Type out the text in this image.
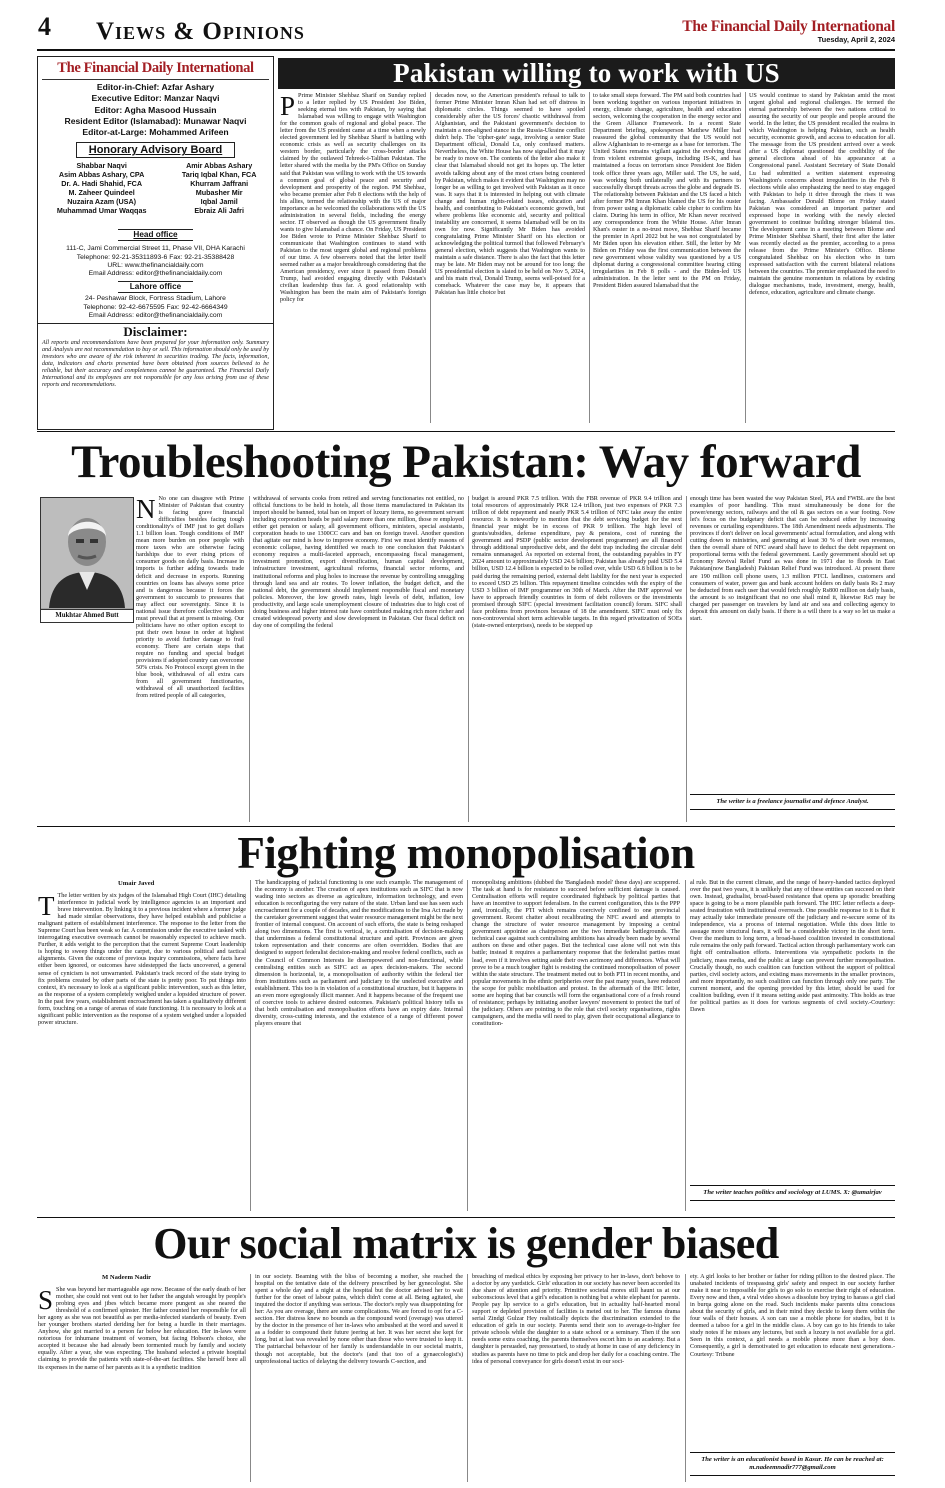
4 Views & Opinions	The Financial Daily International
Tuesday, April 2, 2024
The Financial Daily International
Editor-in-Chief: Azfar Ashary
Executive Editor: Manzar Naqvi
Editor: Agha Masood Hussain
Resident Editor (Islamabad): Munawar Naqvi
Editor-at-Large: Mohammed Arifeen
Honorary Advisory Board
Shabbar Naqvi	Amir Abbas Ashary
Asim Abbas Ashary, CPA	Tariq Iqbal Khan, FCA
Dr. A. Hadi Shahid, FCA	Khurram Jaffrani
M. Zaheer Quindeel	Mubasher Mir
Nuzaira Azam (USA)	Iqbal Jamil
Muhammad Umar Waqqas	Ebraiz Ali Jafri
Head office
111-C, Jami Commercial Street 11, Phase VII, DHA Karachi
Telephone: 92-21-35311893-6 Fax: 92-21-35388428
URL: www.thefinancialdaily.com
Email Address: editor@thefinancialdaily.com
Lahore office
24- Peshawar Block, Fortress Stadium, Lahore
Telephone: 92-42-6675595 Fax: 92-42-6664349
Email Address: editor@thefinancialdaily.com
Disclaimer:
All reports and recommendations have been prepared for your information only. Summary and Analysis are not recommendation to buy or sell. This information should only be used by investors who are aware of the risk inherent in securities trading. The facts, information, data, indicators and charts presented have been obtained from sources believed to be reliable, but their accuracy and completeness cannot be guaranteed. The Financial Daily International and its employees are not responsible for any loss arising from use of these reports and recommendations.
Pakistan willing to work with US
P Prime Minister Shehbaz Sharif on Sunday replied to a letter replied by US President Joe Biden, seeking eternal ties with Pakistan, by saying that Islamabad was willing to engage with Washington for the common goals of regional and global peace. The letter from the US president came at a time when a newly elected government led by Shehbaz Sharif is battling with economic crisis as well as security challenges on its western border, particularly the cross-border attacks claimed by the outlawed Tehreek-i-Taliban Pakistan. The letter shared with the media by the PM's Office on Sunday said that Pakistan was willing to work with the US towards a common goal of global peace and security and development and prosperity of the region. PM Shehbaz, who became premier after Feb 8 elections with the help of his allies, termed the relationship with the US of major importance as he welcomed the collaborations with the US administration in several fields, including the energy sector. IT observed as though the US government finally wants to give Islamabad a chance. On Friday, US President Joe Biden wrote to Prime Minister Shehbaz Sharif to communicate that Washington continues to stand with Pakistan to the most urgent global and regional problems of our time. A few observers noted that the letter itself seemed rather as a major breakthrough considering that the American presidency, ever since it passed from Donald Trump, had avoided engaging directly with Pakistan's civilian leadership thus far. A good relationship with Washington has been the main aim of Pakistan's foreign policy for
decades now, so the American president's refusal to talk to former Prime Minister Imran Khan had set off distress in diplomatic circles. Things seemed to have spoiled considerably after the US forces' chaotic withdrawal from Afghanistan, and the Pakistani government's decision to maintain a non-aligned stance in the Russia-Ukraine conflict didn't help. The 'cipher-gate' saga, involving a senior State Department official, Donald Lu, only confused matters. Nevertheless, the White House has now signalled that it may be ready to move on. The contents of the letter also make it clear that Islamabad should not get its hopes up. The letter avoids talking about any of the most crises being countered by Pakistan, which makes it evident that Washington may no longer be as willing to get involved with Pakistan as it once was. It says that it is interested in helping out with climate change and human rights-related issues, education and health, and contributing to Pakistan's economic growth, but where problems like economic aid, security and political instability are concerned, it seems Islamabad will be on its own for now. Significantly Mr Biden has avoided congratulating Prime Minister Sharif on his election or acknowledging the political turmoil that followed February's general election, which suggests that Washington wants to maintain a safe distance. There is also the fact that this letter may be late. Mr Biden may not be around for too long: the US presidential election is slated to be held on Nov 5, 2024, and his main rival, Donald Trump, seems well-poised for a comeback. Whatever the case may be, it appears that Pakistan has little choice but
to take small steps forward. The PM said both countries had been working together on various important initiatives in energy, climate change, agriculture, health and education sectors, welcoming the cooperation in the energy sector and the Green Alliance Framework. In a recent State Department briefing, spokesperson Matthew Miller had reassured the global community that the US would not allow Afghanistan to re-emerge as a base for terrorism. The United States remains vigilant against the evolving threat from violent extremist groups, including IS-K, and has maintained a focus on terrorism since President Joe Biden took office three years ago, Miller said. The US, he said, was working both unilaterally and with its partners to successfully disrupt threats across the globe and degrade IS. The relationship between Pakistan and the US faced a hitch after former PM Imran Khan blamed the US for his ouster from power using a diplomatic cable cipher to confirm his claim. During his term in office, Mr Khan never received any correspondence from the White House. After Imran Khan's ouster in a no-trust move, Shehbaz Sharif became the premier in April 2022 but he was not congratulated by Mr Biden upon his elevation either. Still, the letter by Mr Biden on Friday was the first communication between the new government whose validity was questioned by a US diplomat during a congressional committee hearing citing irregularities in Feb 8 polls - and the Biden-led US administration. In the letter sent to the PM on Friday, President Biden assured Islamabad that the
US would continue to stand by Pakistan amid the most urgent global and regional challenges. He termed the eternal partnership between the two nations critical to assuring the security of our people and people around the world. In the letter, the US president recalled the realms in which Washington is helping Pakistan, such as health security, economic growth, and access to education for all. The message from the US president arrived over a week after a US diplomat questioned the credibility of the general elections ahead of his appearance at a Congressional panel. Assistant Secretary of State Donald Lu had submitted a written statement expressing Washington's concerns about irregularities in the Feb 8 elections while also emphasizing the need to stay engaged with Pakistan to help it drive through the rises it was facing. Ambassador Donald Blome on Friday stated Pakistan was considered an important partner and expressed hope in working with the newly elected government to continue building stronger bilateral ties. The development came in a meeting between Blome and Prime Minister Shehbaz Sharif, their first after the latter was recently elected as the premier, according to a press release from the Prime Minister's Office. Blome congratulated Shehbaz on his election who in turn expressed satisfaction with the current bilateral relations between the countries. The premier emphasized the need to maintain the genuine momentum in relations by existing dialogue mechanisms, trade, investment, energy, health, defence, education, agriculture and climate change.
Troubleshooting Pakistan: Way forward
Mukhtar Ahmed Butt
N No one can disagree with Prime Minister of Pakistan that country is facing grave financial difficulties besides facing tough conditionality's of IMF just to get dollars 1.1 billion loan. Tough conditions of IMF mean more burden on poor people with more taxes who are otherwise facing hardships due to ever rising prices of consumer goods on daily basis. Increase in imports is further adding towards trade deficit and decrease in exports. Running countries on loans has always some price and is dangerous because it forces the government to succumb to pressures that may affect our sovereignty. Since it is national issue therefore collective wisdom must prevail that at present is missing. Our politicians have no other option except to put their own house in order at highest priority to avoid further damage to frail economy. There are certain steps that require no funding and special budget provisions if adopted country can overcome 50% crisis. No Protocol except given in the blue book, withdrawal of all extra cars from all government functionaries, withdrawal of all unauthorized facilities from retired people of all categories,
withdrawal of servants cooks from retired and serving functionaries not entitled, no official functions to be held in hotels, all those items manufactured in Pakistan its import should be banned, total ban on import of luxury items, no government servant including corporation heads be paid salary more than one million, those re employed either get pension or salary, all government officers, ministers, special assistants, corporation heads to use 1300CC cars and ban on foreign travel. Another question that agitate our mind is how to improve economy. First we must identify reasons of economic collapse, having identified we reach to one conclusion that Pakistan's economy requires a multi-faceted approach, encompassing fiscal management, investment promotion, export diversification, human capital development, infrastructure investment, agricultural reforms, financial sector reforms, and institutional reforms and plug holes to increase the revenue by controlling smuggling through land sea and air routes. To lower inflation, the budget deficit, and the national debt, the government should implement responsible fiscal and monetary policies. Moreover, the low growth rates, high levels of debt, inflation, low productivity, and large scale unemployment closure of industries due to high cost of doing business and higher interest rate have contributed making rich more richer and created widespread poverty and slow development in Pakistan. Our fiscal deficit on day one of compiling the federal
budget is around PKR 7.5 trillion. With the FBR revenue of PKR 9.4 trillion and total resources of approximately PKR 12.4 trillion, just two expenses of PKR 7.3 trillion of debt repayment and nearly PKR 5.4 trillion of NFC take away the entire resource. It is noteworthy to mention that the debt servicing budget for the next financial year might be in excess of PKR 9 trillion. The high level of grants/subsidies, defense expenditure, pay & pensions, cost of running the government and PSDP (public sector development programmer) are all financed through additional unproductive debt, and the debt trap including the circular debt remains unmanaged. As reported on external front, the outstanding payables in FY 2024 amount to approximately USD 24.6 billion; Pakistan has already paid USD 5.4 billion, USD 12.4 billion is expected to be rolled over, while USD 6.8 billion is to be paid during the remaining period, external debt liability for the next year is expected to exceed USD 25 billion. This repayment timeline coincides with the expiry of the USD 3 billion of IMF programmer on 30th of March. After the IMF approval we have to approach friendly countries in form of debt rollovers or the investments promised through SIFC (special investment facilitation council) forum. SIFC shall face problems from provinces because of 18 the amendment. SIFC must only fix non-controversial short term achievable targets. In this regard privatization of SOEs (state-owned enterprises), needs to be stepped up
enough time has been wasted the way Pakistan Steel, PIA and FWBL are the best examples of poor handling. This must simultaneously be done for the power/energy sectors, railways and the oil & gas sectors on a war footing. Now let's focus on the budgetary deficit that can be reduced either by increasing revenues or curtailing expenditures. The 18th Amendment needs adjustments. The provinces if don't deliver on local governments' actual formulation, and along with cutting down to ministries, and generating at least 30 % of their own revenues, then the overall share of NFC award shall have to deduct the debt repayment on proportional terms with the federal government. Lastly government should set up Economy Revival Relief Fund as was done in 1971 due to floods in East Pakistan(now Bangladesh) Pakistan Relief Fund was introduced. At present there are 190 million cell phone users, 1.3 million PTCL landlines, customers and consumers of water, power gas and bank account holders on daily basis Rs 2 may be deducted from each user that would fetch roughly Rs800 million on daily basis, the amount is so insignificant that no one shall mind it, likewise Rs5 may be charged per passenger on travelers by land air and sea and collecting agency to deposit this amount on daily basis. If there is a will there is a way so let us make a start.
The writer is a freelance journalist and defence Analyst.
Fighting monopolisation
Umair Javed
T The letter written by six judges of the Islamabad High Court (IHC) detailing interference in judicial work by intelligence agencies is an important and brave intervention. By linking it to a previous incident where a former judge had made similar observations, they have helped establish and publicise a malignant pattern of establishment interference. The response to the letter from the Supreme Court has been weak so far. A commission under the executive tasked with interrogating executive overreach cannot be reasonably expected to achieve much. Further, it adds weight to the perception that the current Supreme Court leadership is hoping to sweep things under the carpet, due to various political and tactical alignments. Given the outcome of previous inquiry commissions, where facts have either been ignored, or outcomes have sidestepped the facts uncovered, a general sense of cynicism is not unwarranted. Pakistan's track record of the state trying to fix problems created by other parts of the state is pretty poor. To put things into context, it's necessary to look at a significant public intervention, such as this letter, as the response of a system completely weighed under a lopsided structure of power. In the past few years, establishment encroachment has taken a qualitatively different form, touching on a range of arenas of state functioning. It is necessary to look at a significant public intervention as the response of a system weighed under a lopsided power structure.
The handicapping of judicial functioning is one such example. The management of the economy is another. The creation of apex institutions such as SIFC that is now wading into sectors as diverse as agriculture, information technology, and even education is reconfiguring the very nature of the state. Urban land use has seen such encroachment for a couple of decades, and the modifications to the Irsa Act made by the caretaker government suggest that water resource management might be the next frontier of internal conquest. On account of such efforts, the state is being reshaped along two dimensions. The first is vertical, ie, a centralisation of decision-making that undermines a federal constitutional structure and spirit. Provinces are given token representation and their concerns are often overridden. Bodies that are designed to support federalist decision-making and resolve federal conflicts, such as the Council of Common Interests lie disempowered and non-functional, while centralising entities such as SIFC act as apex decision-makers. The second dimension is horizontal, ie, a monopolisation of authority within the federal tier from institutions such as parliament and judiciary to the unelected executive and establishment. This too is in violation of a constitutional structure, but it happens in an even more egregiously illicit manner. And it happens because of the frequent use of coercive tools to achieve desired outcomes. Pakistan's political history tells us that both centralisation and monopolisation efforts have an expiry date. Internal diversity, cross-cutting interests, and the existence of a range of different power players ensure that
monopolising ambitions (dubbed the 'Bangladesh model' these days) are scuppered. The task at hand is for resistance to succeed before sufficient damage is caused. Centralisation efforts will require coordinated fightback by political parties that have an incentive to support federalism. In the current configuration, this is the PPP and, ironically, the PTI which remains coercively confined to one provincial government. Recent chatter about recalibrating the NFC award and attempts to change the structure of water resource management by imposing a central government appointee as chairperson are the two immediate battlegrounds. The technical case against such centralising ambitions has already been made by several authors on these and other pages. But the technical case alone will not win this battle; instead it requires a parliamentary response that the federalist parties must lead, even if it involves setting aside their own acrimony and differences. What will prove to be a much tougher fight is resisting the continued monopolisation of power within the state structure. The treatment meted out to both PTI in recent months, and popular movements in the ethnic peripheries over the past many years, have reduced the scope for public mobilisation and protest. In the aftermath of the IHC letter, some are hoping that bar councils will form the organisational core of a fresh round of resistance; perhaps by initiating another lawyers' movement to protect the turf of the judiciary. Others are pointing to the role that civil society organisations, rights campaigners, and the media will need to play, given their occupational allegiance to constitution-
al rule. But in the current climate, and the range of heavy-handed tactics deployed over the past two years, it is unlikely that any of these entities can succeed on their own. Instead, gradualist, broad-based resistance that opens up sporadic breathing space is going to be a more plausible path forward. The IHC letter reflects a deep-seated frustration with institutional overreach. One possible response to it is that it may actually take immediate pressure off the judiciary and re-secure some of its independence, via a process of internal negotiation. While this does little to assuage more structural fears, it will be a considerable victory in the short term. Over the medium to long term, a broad-based coalition invested in constitutional rule remains the only path forward. Tactical action through parliamentary work can fight off centralisation efforts. Interventions via sympathetic pockets in the judiciary, mass media, and the public at large can prevent further monopolisation. Crucially though, no such coalition can function without the support of political parties, civil society actors, and existing mass movements in the smaller provinces, and more importantly, no such coalition can function through only one party. The current moment, and the opening provided by this letter, should be used for coalition building, even if it means setting aside past animosity. This holds as true for political parties as it does for various segments of civil society.-Courtesy: Dawn
The writer teaches politics and sociology at LUMS. X: @umairjav
Our social matrix is gender biased
M Nadeem Nadir
S She was beyond her marriageable age now. Because of the early death of her mother, she could not vent out to her father the anguish wrought by people's probing eyes and jibes which became more pungent as she neared the threshold of a confirmed spinster. Her father counted her responsible for all her agony as she was not beautiful as per media-infected standards of beauty. Even her younger brothers started deriding her for being a hurdle in their marriages. Anyhow, she got married to a person far below her education. Her in-laws were notorious for inhumane treatment of women, but facing Hobson's choice, she accepted it because she had already been tormented much by family and society equally. After a year, she was expecting. The husband selected a private hospital claiming to provide the patients with state-of-the-art facilities. She herself bore all its expenses in the name of her parents as it is a synthetic tradition
in our society. Beaming with the bliss of becoming a mother, she reached the hospital on the tentative date of the delivery prescribed by her gynecologist. She spent a whole day and a night at the hospital but the doctor advised her to wait further for the onset of labour pains, which didn't come at all. Being agitated, she inquired the doctor if anything was serious. The doctor's reply was disappointing for her: As you are overage, there are some complications. We are forced to opt for a C-section. Her distress knew no bounds as the compound word (overage) was uttered by the doctor in the presence of her in-laws who ambushed at the word and saved it as a fodder to compound their future jeering at her. It was her secret she kept for long, but at last was revealed by none other than those who were trusted to keep it. The patriarchal behaviour of her family is understandable in our societal matrix, though not acceptable, but the doctor's (and that too of a gynaecologist's) unprofessional tactics of delaying the delivery towards C-section, and
breaching of medical ethics by exposing her privacy to her in-laws, don't behove to a doctor by any yardstick. Girls' education in our society has never been accorded its due share of attention and priority. Primitive societal mores still haunt us at our subconscious level that a girl's education is nothing but a white elephant for parents. People pay lip service to a girl's education, but in actuality half-hearted moral support or depleted provision of facilities is meted out to her. The famous drama serial Zindgi Gulzar Hey realistically depicts the discrimination extended to the education of girls in our society. Parents send their son to average-to-higher fee private schools while the daughter to a state school or a seminary. Then if the son needs some extra coaching, the parents themselves escort him to an academy. But a daughter is persuaded, nay pressurised, to study at home in case of any deficiency in studies as parents have no time to pick and drop her daily for a coaching centre. The idea of personal conveyance for girls doesn't exist in our soci-
ety. A girl looks to her brother or father for riding pillion to the desired place. The unabated incidents of trespassing girls' safety and respect in our society further make it near to impossible for girls to go solo to exercise their right of education. Every now and then, a viral video shows a dissolute boy trying to harass a girl clad in burqa going alone on the road. Such incidents make parents ultra conscious about the security of girls, and in their mind they decide to keep them within the four walls of their houses. A son can use a mobile phone for studies, but it is deemed a taboo for a girl in the middle class. A boy can go to his friends to take study notes if he misses any lectures, but such a luxury is not available for a girl. Seen in this context, a girl needs a mobile phone more than a boy does. Consequently, a girl is demotivated to get education to educate next generations.-Courtesy: Tribune
The writer is an educationist based in Kasur. He can be reached at: m.nadeemnadir777@gmail.com
